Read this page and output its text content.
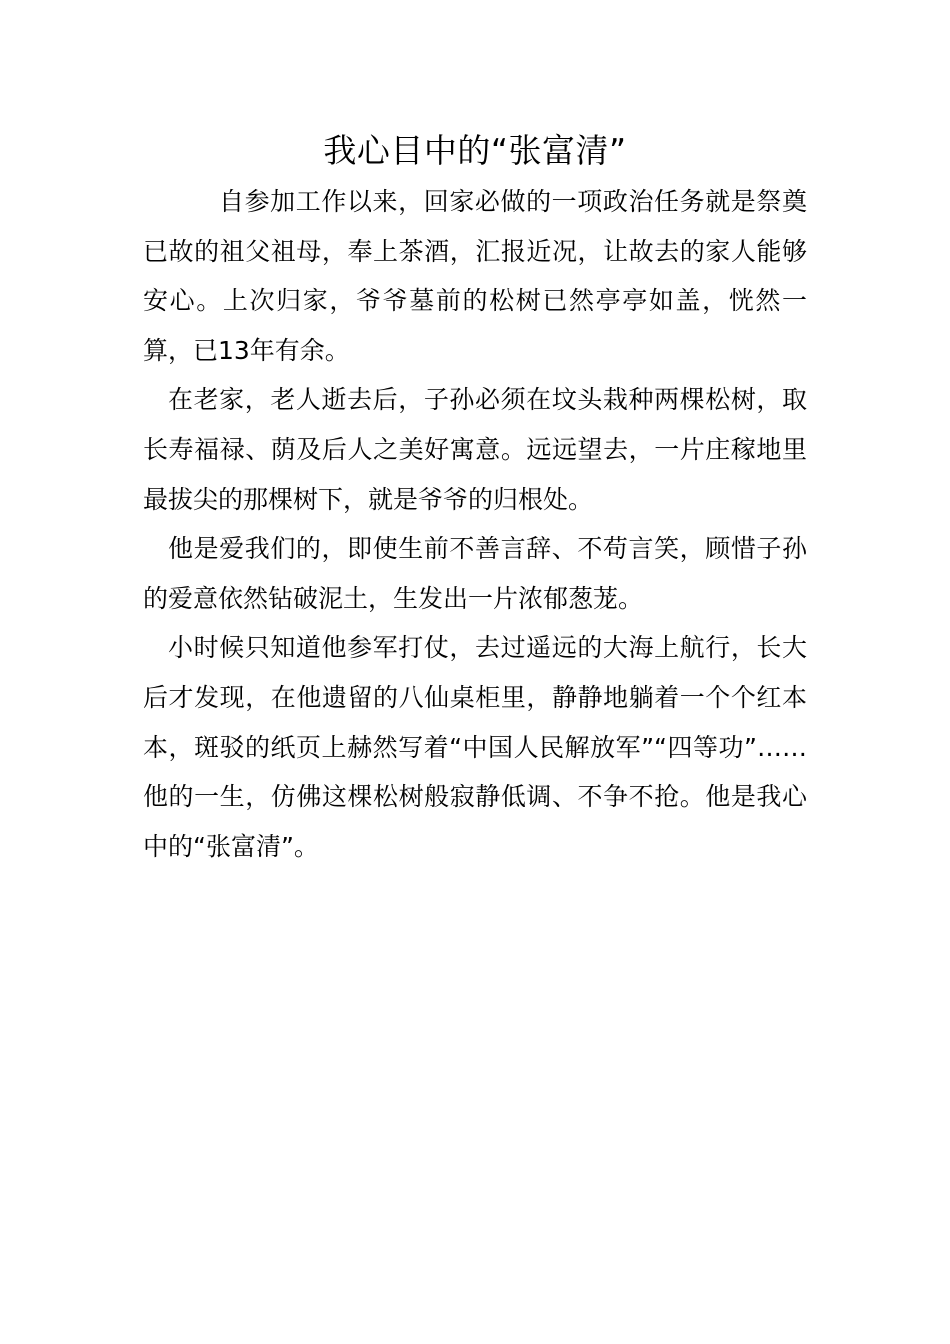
我心目中的“张富清”

自参加工作以来，回家必做的一项政治任务就是祭奠已故的祖父祖母，奉上茶酒，汇报近况，让故去的家人能够安心。上次归家，爷爷墓前的松树已然亭亭如盖，恍然一算，已13年有余。

在老家，老人逝去后，子孙必须在坟头栽种两棵松树，取长寿福禄、荫及后人之美好寓意。远远望去，一片庄稼地里最拔尖的那棵树下，就是爷爷的归根处。

他是爱我们的，即使生前不善言辞、不苟言笑，顾惜子孙的爱意依然钻破泥土，生发出一片浓郁葱茏。

小时候只知道他参军打仗，去过遥远的大海上航行，长大后才发现，在他遗留的八仙桌柜里，静静地躺着一个个红本本，斑驳的纸页上赫然写着“中国人民解放军”“四等功”……他的一生，仿佛这棵松树般寂静低调、不争不抢。他是我心中的“张富清”。
